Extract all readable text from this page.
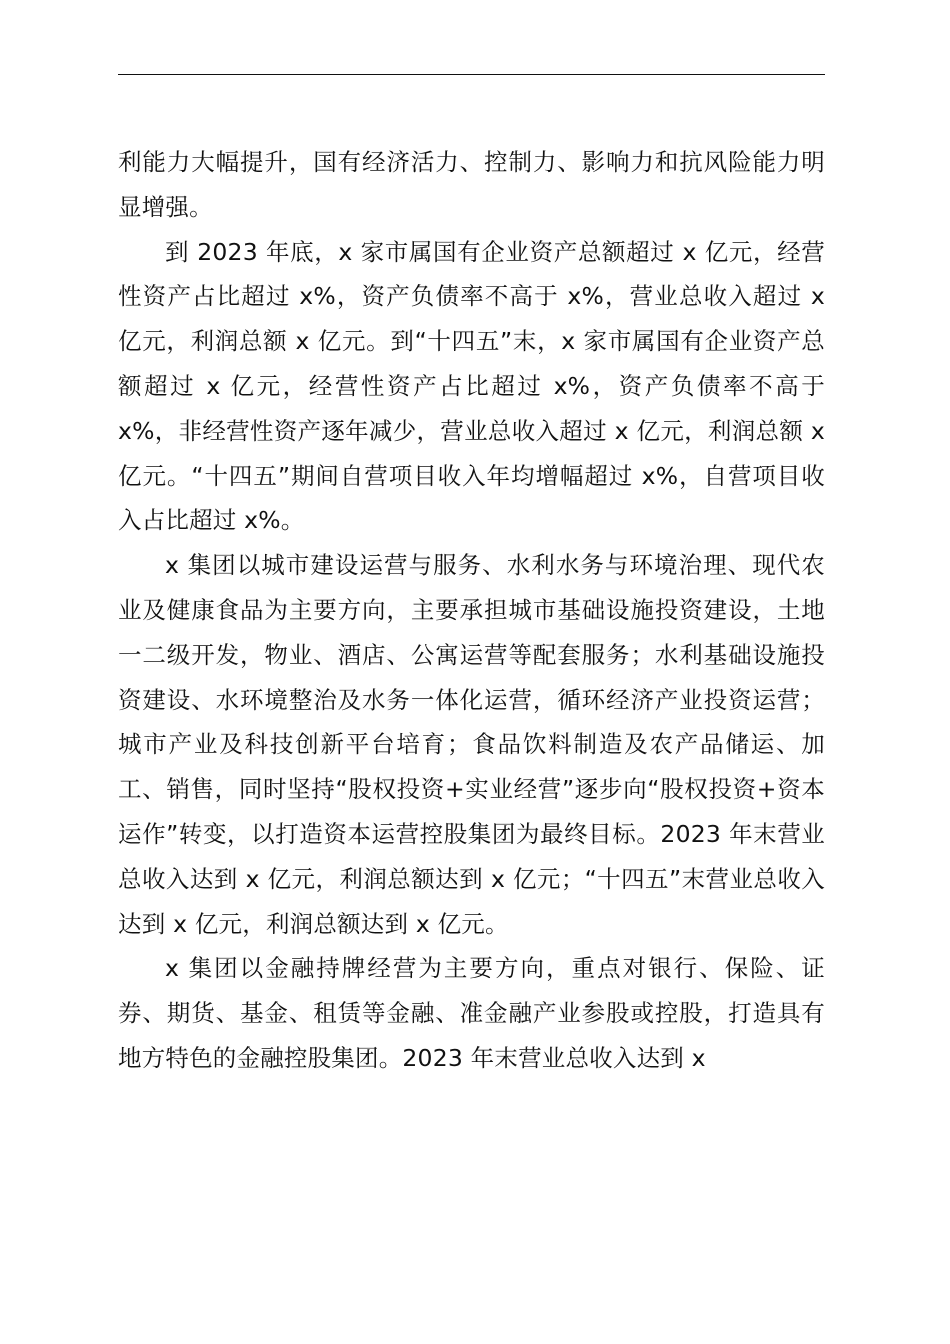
利能力大幅提升，国有经济活力、控制力、影响力和抗风险能力明显增强。

到 2023 年底，x 家市属国有企业资产总额超过 x 亿元，经营性资产占比超过 x%，资产负债率不高于 x%，营业总收入超过 x 亿元，利润总额 x 亿元。到“十四五”末，x 家市属国有企业资产总额超过 x 亿元，经营性资产占比超过 x%，资产负债率不高于 x%，非经营性资产逐年减少，营业总收入超过 x 亿元，利润总额 x 亿元。“十四五”期间自营项目收入年均增幅超过 x%，自营项目收入占比超过 x%。

x 集团以城市建设运营与服务、水利水务与环境治理、现代农业及健康食品为主要方向，主要承担城市基础设施投资建设，土地一二级开发，物业、酒店、公寓运营等配套服务；水利基础设施投资建设、水环境整治及水务一体化运营，循环经济产业投资运营；城市产业及科技创新平台培育；食品饮料制造及农产品储运、加工、销售，同时坚持“股权投资+实业经营”逐步向“股权投资+资本运作”转变，以打造资本运营控股集团为最终目标。2023 年末营业总收入达到 x 亿元，利润总额达到 x 亿元；“十四五”末营业总收入达到 x 亿元，利润总额达到 x 亿元。

x 集团以金融持牌经营为主要方向，重点对银行、保险、证券、期货、基金、租赁等金融、准金融产业参股或控股，打造具有地方特色的金融控股集团。2023 年末营业总收入达到 x
